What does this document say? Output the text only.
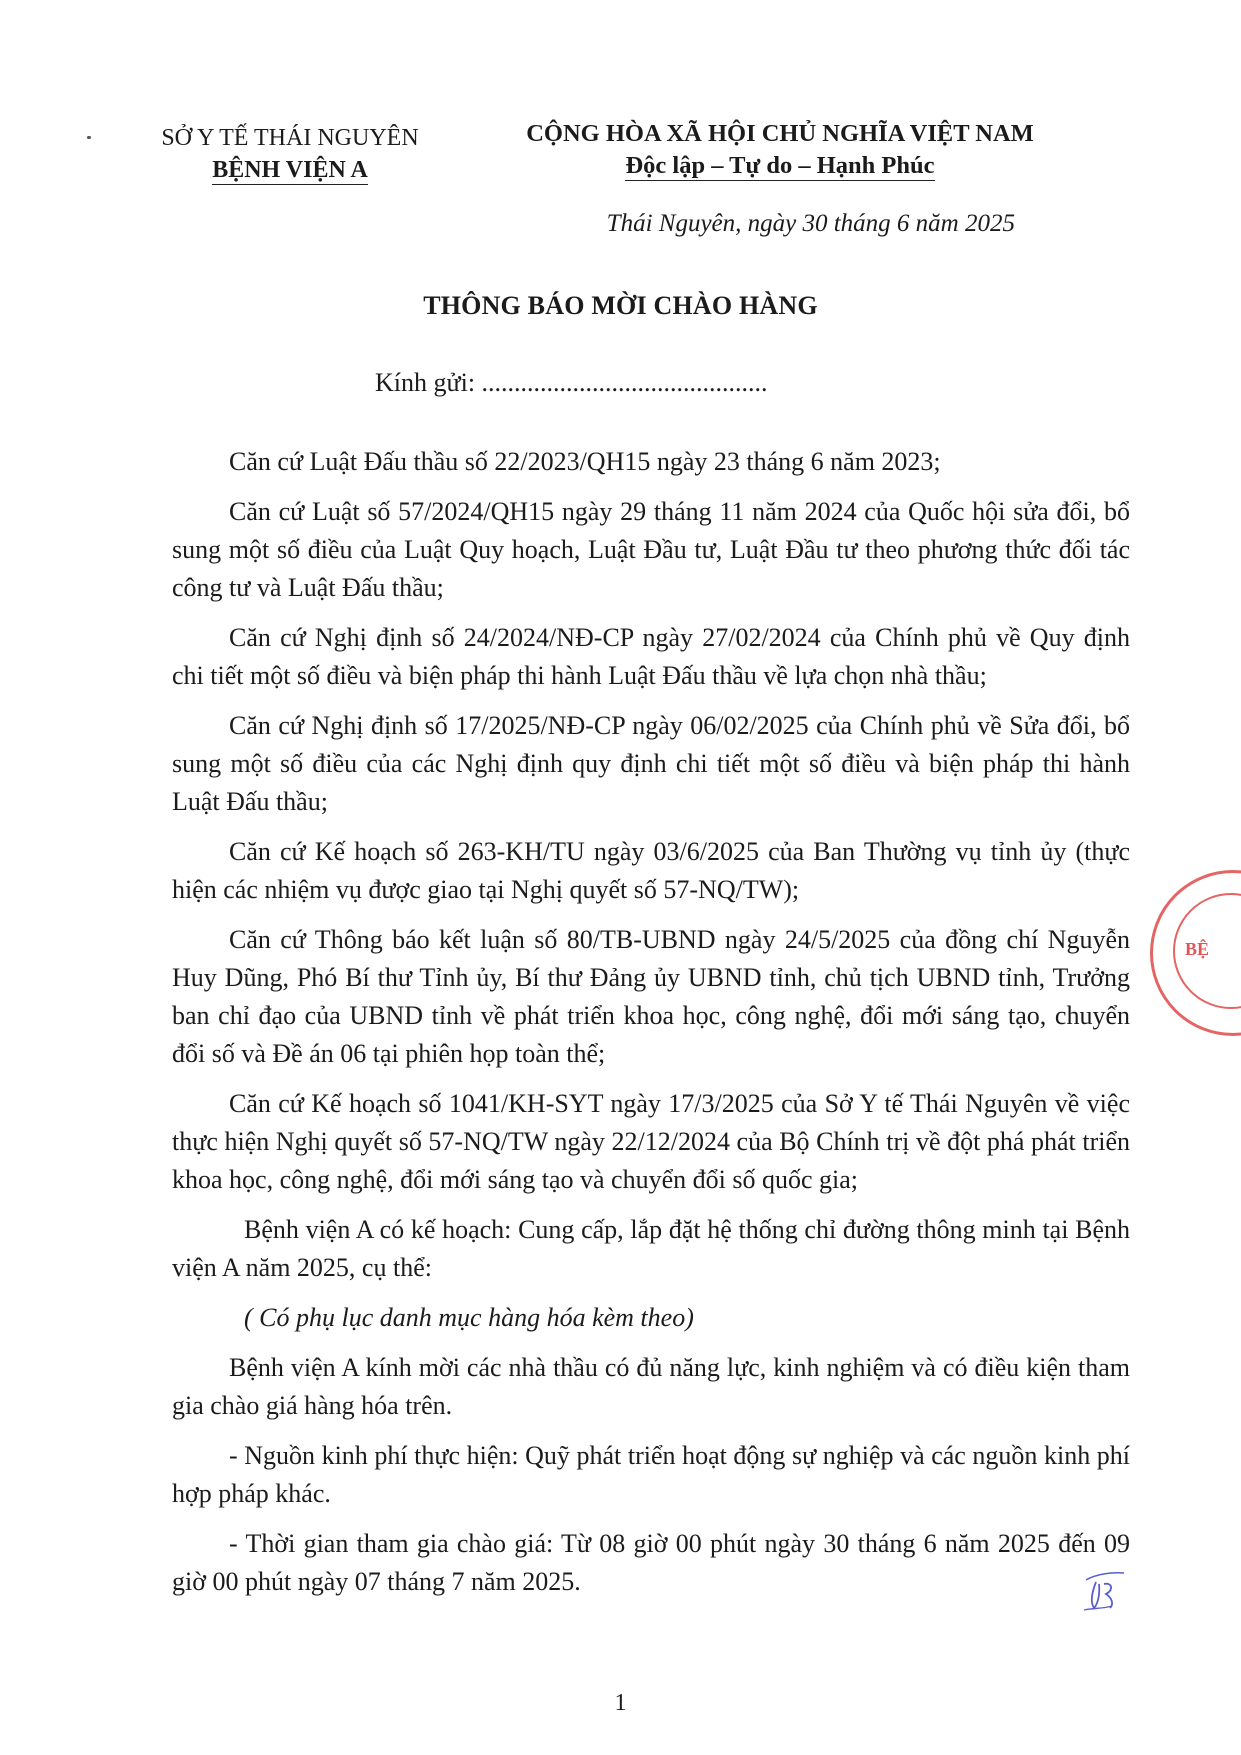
SỞ Y TẾ THÁI NGUYÊN
BỆNH VIỆN A
CỘNG HÒA XÃ HỘI CHỦ NGHĨA VIỆT NAM
Độc lập – Tự do – Hạnh Phúc
Thái Nguyên, ngày 30 tháng 6 năm 2025
THÔNG BÁO MỜI CHÀO HÀNG
Kính gửi: ............................................

Căn cứ Luật Đấu thầu số 22/2023/QH15 ngày 23 tháng 6 năm 2023;

Căn cứ Luật số 57/2024/QH15 ngày 29 tháng 11 năm 2024 của Quốc hội sửa đổi, bổ sung một số điều của Luật Quy hoạch, Luật Đầu tư, Luật Đầu tư theo phương thức đối tác công tư và Luật Đấu thầu;

Căn cứ Nghị định số 24/2024/NĐ-CP ngày 27/02/2024 của Chính phủ về Quy định chi tiết một số điều và biện pháp thi hành Luật Đấu thầu về lựa chọn nhà thầu;

Căn cứ Nghị định số 17/2025/NĐ-CP ngày 06/02/2025 của Chính phủ về Sửa đổi, bổ sung một số điều của các Nghị định quy định chi tiết một số điều và biện pháp thi hành Luật Đấu thầu;

Căn cứ Kế hoạch số 263-KH/TU ngày 03/6/2025 của Ban Thường vụ tỉnh ủy (thực hiện các nhiệm vụ được giao tại Nghị quyết số 57-NQ/TW);

Căn cứ Thông báo kết luận số 80/TB-UBND ngày 24/5/2025 của đồng chí Nguyễn Huy Dũng, Phó Bí thư Tỉnh ủy, Bí thư Đảng ủy UBND tỉnh, chủ tịch UBND tỉnh, Trưởng ban chỉ đạo của UBND tỉnh về phát triển khoa học, công nghệ, đổi mới sáng tạo, chuyển đổi số và Đề án 06 tại phiên họp toàn thể;

Căn cứ Kế hoạch số 1041/KH-SYT ngày 17/3/2025 của Sở Y tế Thái Nguyên về việc thực hiện Nghị quyết số 57-NQ/TW ngày 22/12/2024 của Bộ Chính trị về đột phá phát triển khoa học, công nghệ, đổi mới sáng tạo và chuyển đổi số quốc gia;

Bệnh viện A có kế hoạch: Cung cấp, lắp đặt hệ thống chỉ đường thông minh tại Bệnh viện A năm 2025, cụ thể:

( Có phụ lục danh mục hàng hóa kèm theo)

Bệnh viện A kính mời các nhà thầu có đủ năng lực, kinh nghiệm và có điều kiện tham gia chào giá hàng hóa trên.

- Nguồn kinh phí thực hiện: Quỹ phát triển hoạt động sự nghiệp và các nguồn kinh phí hợp pháp khác.

- Thời gian tham gia chào giá: Từ 08 giờ 00 phút ngày 30 tháng 6 năm 2025 đến 09 giờ 00 phút ngày 07 tháng 7 năm 2025.

BỆ
1
